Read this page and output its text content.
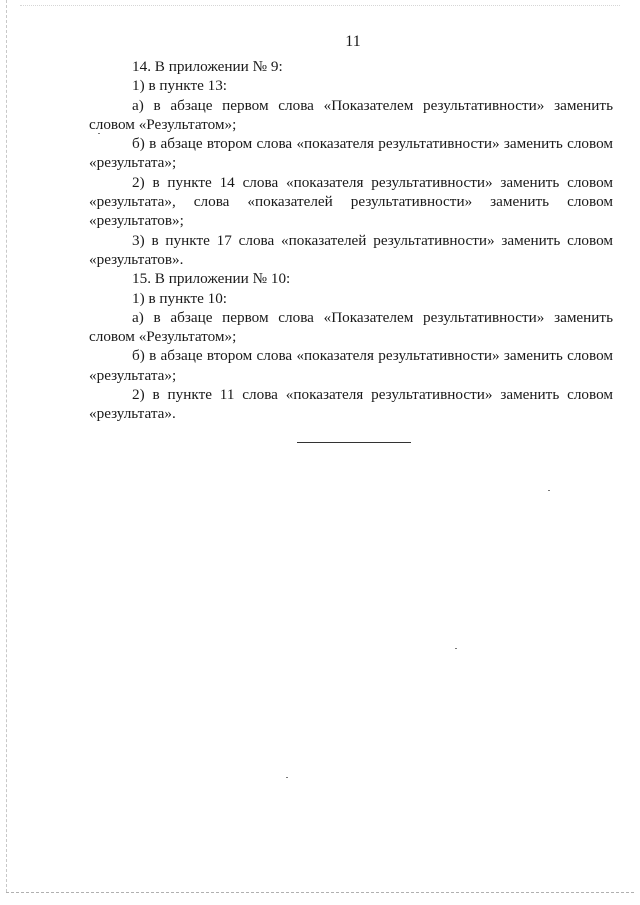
11

14. В приложении № 9:

1) в пункте 13:

а) в абзаце первом слова «Показателем результативности» заменить словом «Результатом»;

б) в абзаце втором слова «показателя результативности» заменить словом «результата»;

2) в пункте 14 слова «показателя результативности» заменить словом «результата», слова «показателей результативности» заменить словом «результатов»;

3) в пункте 17 слова «показателей результативности» заменить словом «результатов».

15. В приложении № 10:

1) в пункте 10:

а) в абзаце первом слова «Показателем результативности» заменить словом «Результатом»;

б) в абзаце втором слова «показателя результативности» заменить словом «результата»;

2) в пункте 11 слова «показателя результативности» заменить словом «результата».
